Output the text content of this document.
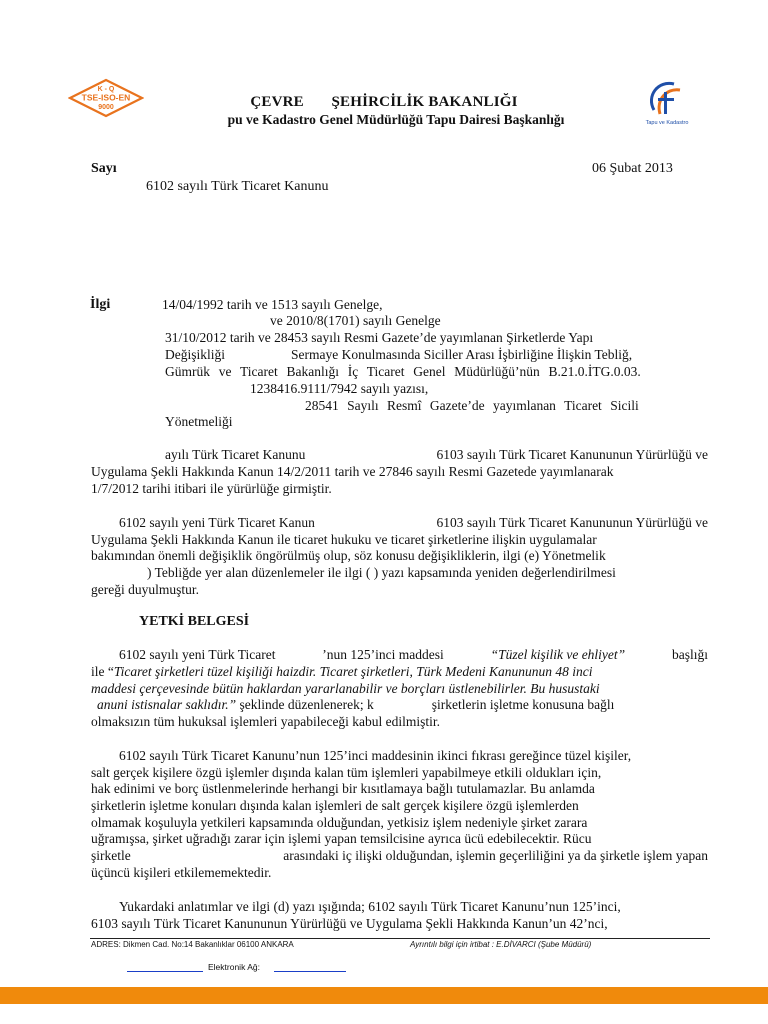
K - Q
TSE-ISO-EN
9000
Tapu ve Kadastro

ÇEVRE       ŞEHİRCİLİK BAKANLIĞI
pu ve Kadastro Genel Müdürlüğü Tapu Dairesi Başkanlığı
Sayı	06 Şubat 2013
6102 sayılı Türk Ticaret Kanunu
İlgi	14/04/1992 tarih ve 1513 sayılı Genelge,
ve 2010/8(1701) sayılı Genelge
31/10/2012 tarih ve 28453 sayılı Resmi Gazete’de yayımlanan Şirketlerde Yapı
Değişikliği	Sermaye Konulmasında Siciller Arası İşbirliğine İlişkin Tebliğ,
Gümrük  ve  Ticaret  Bakanlığı  İç  Ticaret  Genel  Müdürlüğü’nün  B.21.0.İTG.0.03.
1238416.9111/7942 sayılı yazısı,
28541 Sayılı Resmî Gazete’de yayımlanan Ticaret Sicili
Yönetmeliği
ayılı Türk Ticaret Kanunu	6103 sayılı Türk Ticaret Kanununun Yürürlüğü ve
Uygulama Şekli Hakkında Kanun 14/2/2011 tarih ve 27846 sayılı Resmi Gazetede yayımlanarak
1/7/2012 tarihi itibari ile yürürlüğe girmiştir.
6102 sayılı yeni Türk Ticaret Kanun	6103 sayılı Türk Ticaret Kanununun Yürürlüğü ve
Uygulama Şekli Hakkında Kanun ile ticaret hukuku ve ticaret şirketlerine ilişkin uygulamalar
bakımından önemli değişiklik öngörülmüş olup, söz konusu değişikliklerin, ilgi (e) Yönetmelik
) Tebliğde yer alan düzenlemeler ile ilgi ( ) yazı kapsamında yeniden değerlendirilmesi
gereği duyulmuştur.
YETKİ BELGESİ
6102 sayılı yeni Türk Ticaret	’nun 125’inci maddesi	“Tüzel kişilik ve ehliyet”	başlığı
ile “Ticaret şirketleri tüzel kişiliği haizdir. Ticaret şirketleri, Türk Medeni Kanununun 48 inci
maddesi çerçevesinde bütün haklardan yararlanabilir ve borçları üstlenebilirler. Bu husustaki
anuni istisnalar saklıdır.” şeklinde düzenlenerek; k	şirketlerin işletme konusuna bağlı
olmaksızın tüm hukuksal işlemleri yapabileceği kabul edilmiştir.
6102 sayılı Türk Ticaret Kanunu’nun 125’inci maddesinin ikinci fıkrası gereğince tüzel kişiler,
salt gerçek kişilere özgü işlemler dışında kalan tüm işlemleri yapabilmeye etkili oldukları için,
hak edinimi ve borç üstlenmelerinde herhangi bir kısıtlamaya bağlı tutulamazlar. Bu anlamda
şirketlerin işletme konuları dışında kalan işlemleri de salt gerçek kişilere özgü işlemlerden
olmamak koşuluyla yetkileri kapsamında olduğundan, yetkisiz işlem nedeniyle şirket zarara
uğramışsa, şirket uğradığı zarar için işlemi yapan temsilcisine ayrıca ücü edebilecektir. Rücu
şirketle	arasındaki iç ilişki olduğundan, işlemin geçerliliğini ya da şirketle işlem yapan
üçüncü kişileri etkilememektedir.
Yukardaki anlatımlar ve ilgi (d) yazı ışığında; 6102 sayılı Türk Ticaret Kanunu’nun 125’inci,
6103 sayılı Türk Ticaret Kanununun Yürürlüğü ve Uygulama Şekli Hakkında Kanun’un 42’nci,
ADRES: Dikmen Cad. No:14 Bakanlıklar 06100 ANKARA	Ayrıntılı bilgi için irtibat : E.DİVARCI (Şube Müdürü)
Elektronik Ağ:
